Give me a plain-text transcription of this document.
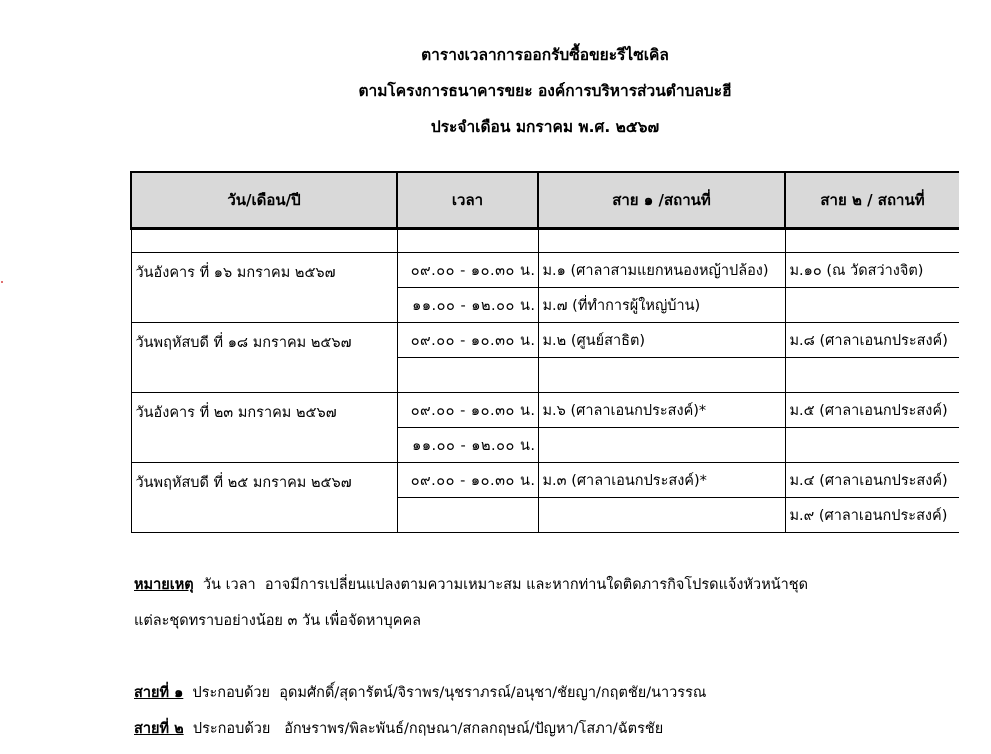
ตารางเวลาการออกรับซื้อขยะรีไซเคิล
ตามโครงการธนาคารขยะ องค์การบริหารส่วนตำบลบะฮี
ประจำเดือน มกราคม พ.ศ. ๒๕๖๗
วัน/เดือน/ปี	เวลา	สาย ๑ /สถานที่	สาย ๒ / สถานที่

วันอังคาร ที่ ๑๖ มกราคม ๒๕๖๗	๐๙.๐๐ - ๑๐.๓๐ น.	ม.๑ (ศาลาสามแยกหนองหญ้าปล้อง)	ม.๑๐ (ณ วัดสว่างจิต)
	๑๑.๐๐ - ๑๒.๐๐ น.	ม.๗ (ที่ทำการผู้ใหญ่บ้าน)	
วันพฤหัสบดี ที่ ๑๘ มกราคม ๒๕๖๗	๐๙.๐๐ - ๑๐.๓๐ น.	ม.๒ (ศูนย์สาธิต)	ม.๘ (ศาลาเอนกประสงค์)

วันอังคาร ที่ ๒๓ มกราคม ๒๕๖๗	๐๙.๐๐ - ๑๐.๓๐ น.	ม.๖ (ศาลาเอนกประสงค์)*	ม.๕ (ศาลาเอนกประสงค์)
	๑๑.๐๐ - ๑๒.๐๐ น.		
วันพฤหัสบดี ที่ ๒๕ มกราคม ๒๕๖๗	๐๙.๐๐ - ๑๐.๓๐ น.	ม.๓ (ศาลาเอนกประสงค์)*	ม.๔ (ศาลาเอนกประสงค์)
			ม.๙ (ศาลาเอนกประสงค์)
หมายเหตุ  วัน เวลา  อาจมีการเปลี่ยนแปลงตามความเหมาะสม และหากท่านใดติดภารกิจโปรดแจ้งหัวหน้าชุด
แต่ละชุดทราบอย่างน้อย ๓ วัน เพื่อจัดหาบุคคล
สายที่ ๑  ประกอบด้วย  อุดมศักดิ์/สุดารัตน์/จิราพร/นุชราภรณ์/อนุชา/ชัยญา/กฤตชัย/นาวรรณ
สายที่ ๒  ประกอบด้วย   อักษราพร/พิละพันธ์/กฤษณา/สกลกฤษณ์/ปัญหา/โสภา/ฉัตรชัย
